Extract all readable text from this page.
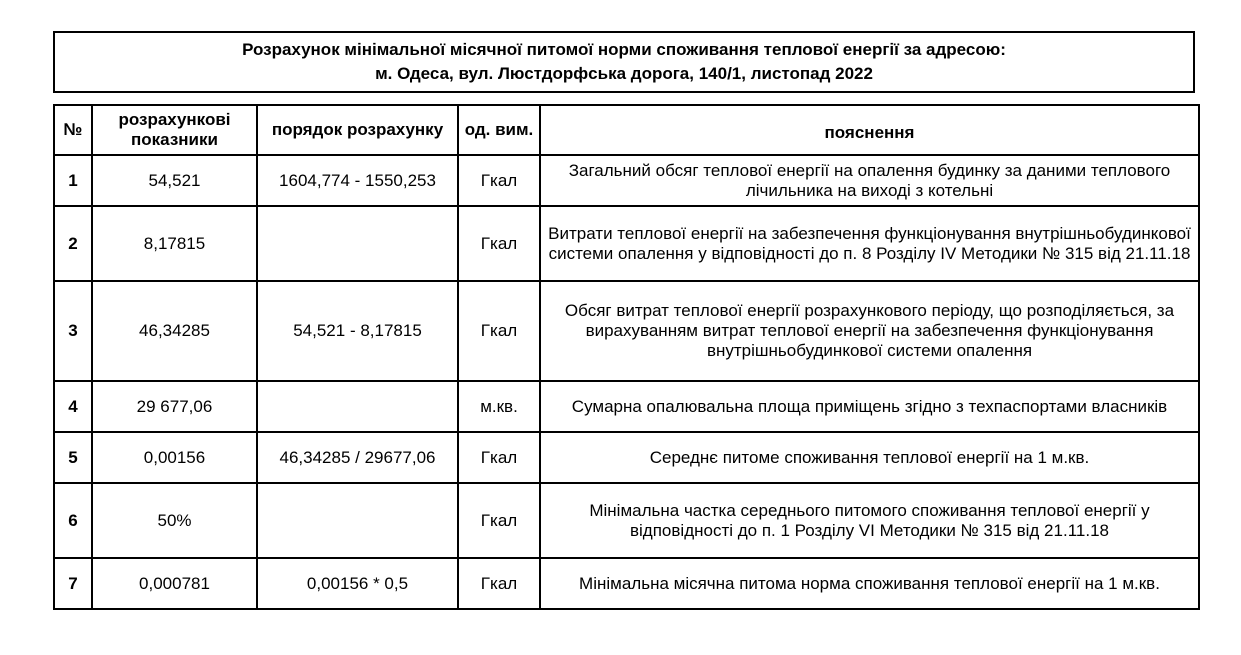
Розрахунок мінімальної місячної питомої норми споживання теплової енергії за адресою:
м. Одеса, вул. Люстдорфська дорога, 140/1, листопад 2022
№	розрахункові показники	порядок розрахунку	од. вим.	пояснення
1	54,521	1604,774 - 1550,253	Гкал	Загальний обсяг теплової енергії на опалення будинку за даними теплового лічильника на виході з котельні
2	8,17815		Гкал	Витрати теплової енергії на забезпечення функціонування внутрішньобудинкової системи опалення у відповідності до п. 8 Розділу IV Методики № 315 від 21.11.18
3	46,34285	54,521 - 8,17815	Гкал	Обсяг витрат теплової енергії розрахункового періоду, що розподіляється, за вирахуванням витрат теплової енергії на забезпечення функціонування внутрішньобудинкової системи опалення
4	29 677,06		м.кв.	Сумарна опалювальна площа приміщень згідно з техпаспортами власників
5	0,00156	46,34285 / 29677,06	Гкал	Середнє питоме споживання теплової енергії на 1 м.кв.
6	50%		Гкал	Мінімальна частка середнього питомого споживання теплової енергії у відповідності до п. 1 Розділу VI Методики № 315 від 21.11.18
7	0,000781	0,00156 * 0,5	Гкал	Мінімальна місячна питома норма споживання теплової енергії на 1 м.кв.
